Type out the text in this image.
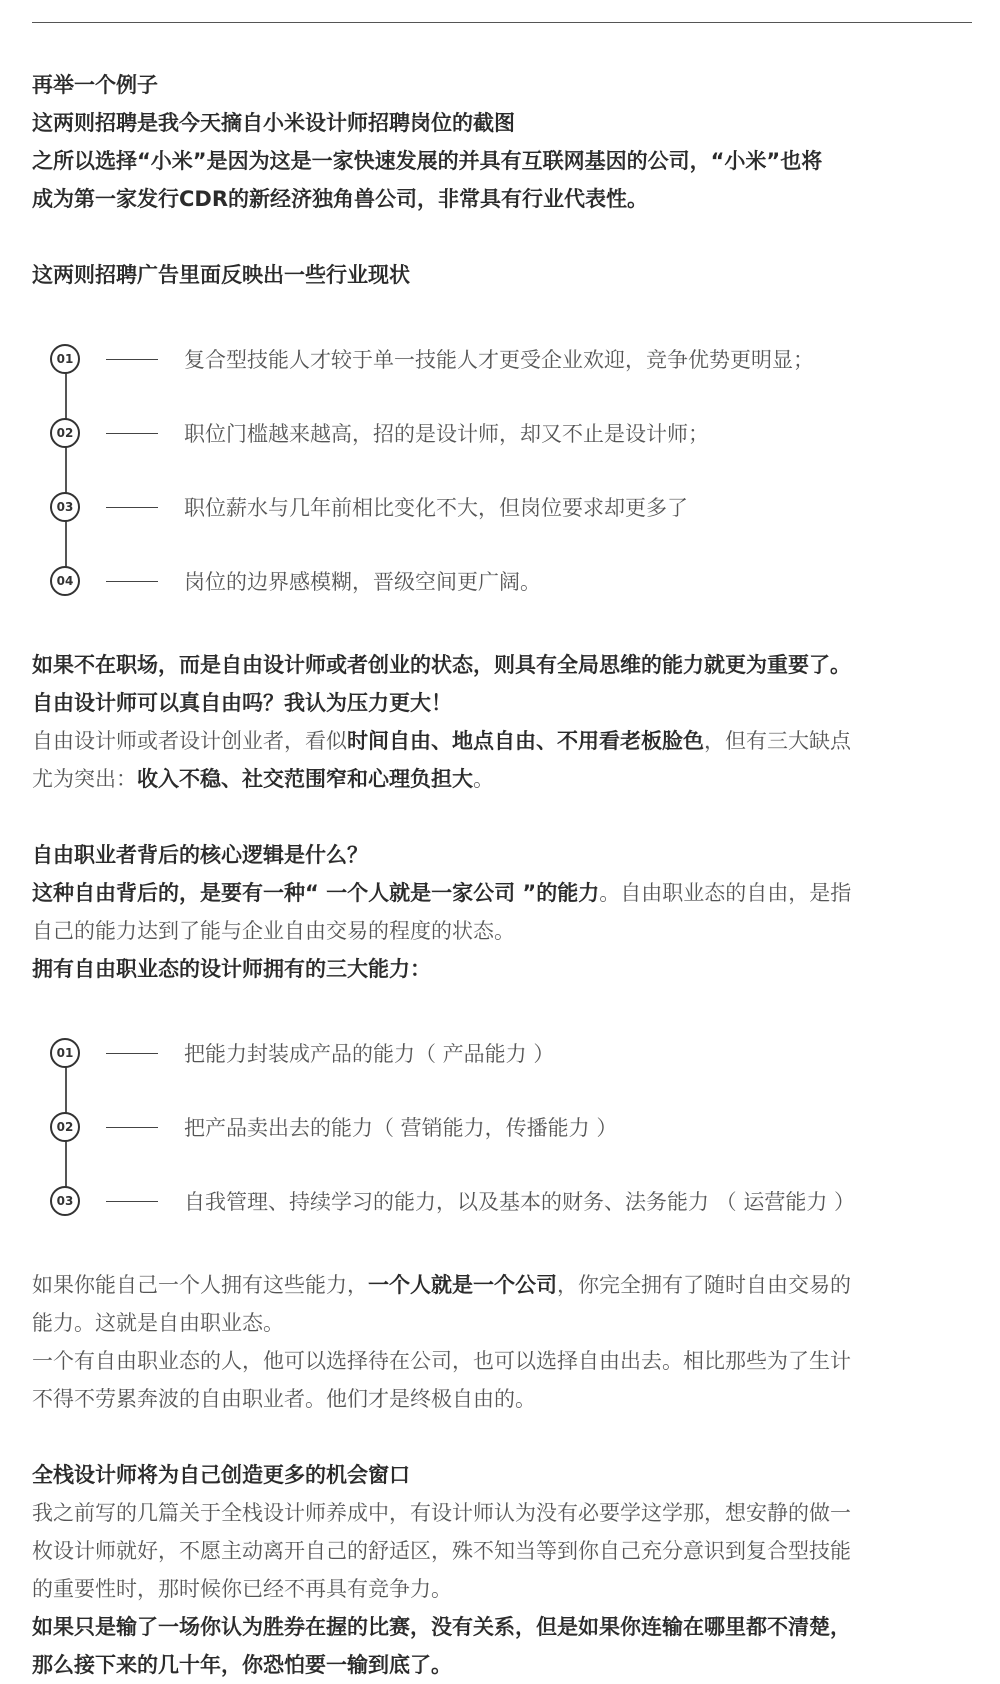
再举一个例子

这两则招聘是我今天摘自小米设计师招聘岗位的截图

之所以选择“小米”是因为这是一家快速发展的并具有互联网基因的公司，“小米”也将

成为第一家发行CDR的新经济独角兽公司，非常具有行业代表性。

这两则招聘广告里面反映出一些行业现状

01	复合型技能人才较于单一技能人才更受企业欢迎，竞争优势更明显；
02	职位门槛越来越高，招的是设计师，却又不止是设计师；
03	职位薪水与几年前相比变化不大，但岗位要求却更多了
04	岗位的边界感模糊，晋级空间更广阔。

如果不在职场，而是自由设计师或者创业的状态，则具有全局思维的能力就更为重要了。

自由设计师可以真自由吗？我认为压力更大！

自由设计师或者设计创业者，看似时间自由、地点自由、不用看老板脸色，但有三大缺点

尤为突出：收入不稳、社交范围窄和心理负担大。

自由职业者背后的核心逻辑是什么？

这种自由背后的，是要有一种“ 一个人就是一家公司 ”的能力。自由职业态的自由，是指

自己的能力达到了能与企业自由交易的程度的状态。

拥有自由职业态的设计师拥有的三大能力：

01	把能力封装成产品的能力（ 产品能力 ）
02	把产品卖出去的能力（ 营销能力，传播能力 ）
03	自我管理、持续学习的能力，以及基本的财务、法务能力 （ 运营能力 ）

如果你能自己一个人拥有这些能力，一个人就是一个公司，你完全拥有了随时自由交易的

能力。这就是自由职业态。

一个有自由职业态的人，他可以选择待在公司，也可以选择自由出去。相比那些为了生计

不得不劳累奔波的自由职业者。他们才是终极自由的。

全栈设计师将为自己创造更多的机会窗口

我之前写的几篇关于全栈设计师养成中，有设计师认为没有必要学这学那，想安静的做一

枚设计师就好，不愿主动离开自己的舒适区，殊不知当等到你自己充分意识到复合型技能

的重要性时，那时候你已经不再具有竞争力。

如果只是输了一场你认为胜券在握的比赛，没有关系，但是如果你连输在哪里都不清楚，

那么接下来的几十年，你恐怕要一输到底了。
